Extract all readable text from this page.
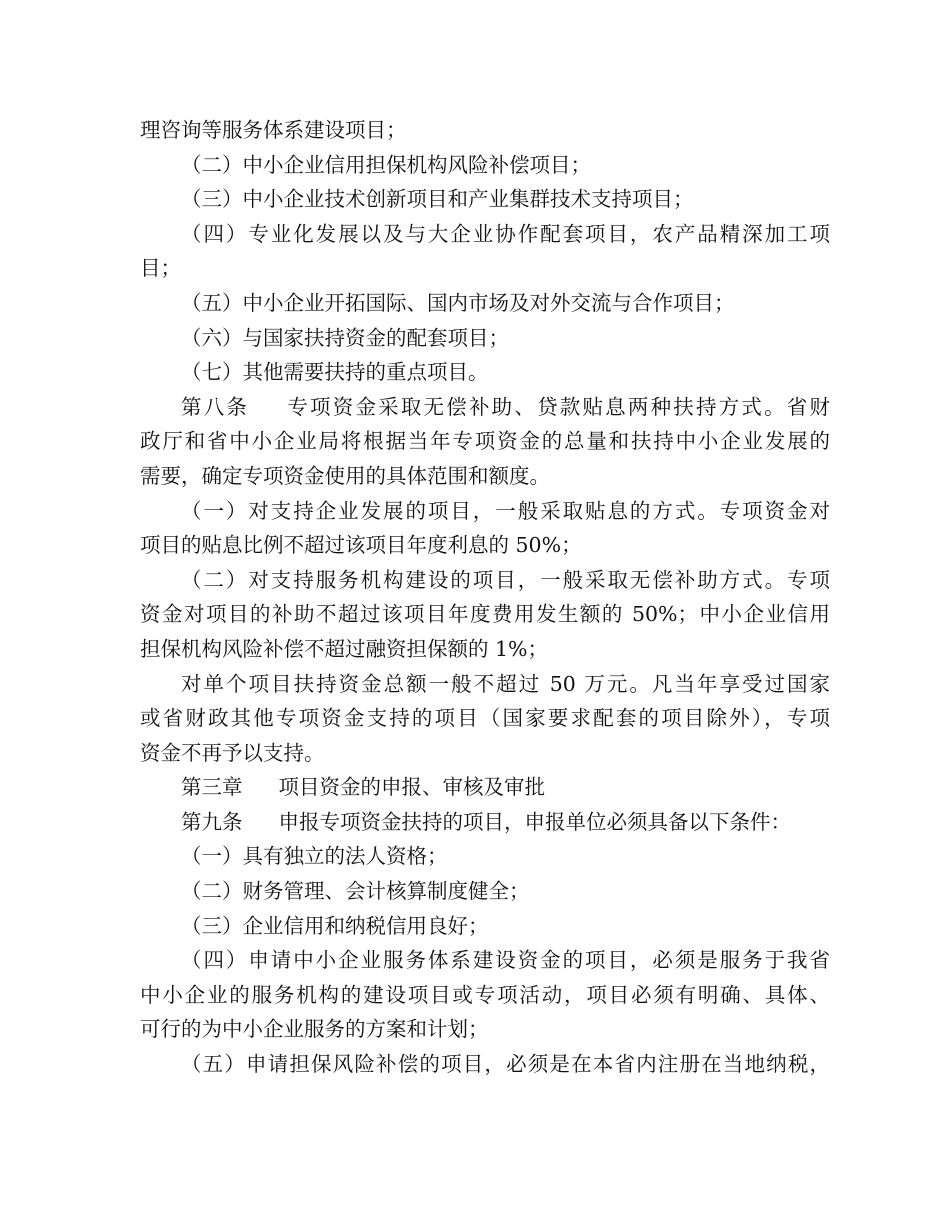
理咨询等服务体系建设项目；
（二）中小企业信用担保机构风险补偿项目；
（三）中小企业技术创新项目和产业集群技术支持项目；
（四）专业化发展以及与大企业协作配套项目，农产品精深加工项
目；
（五）中小企业开拓国际、国内市场及对外交流与合作项目；
（六）与国家扶持资金的配套项目；
（七）其他需要扶持的重点项目。
第八条 专项资金采取无偿补助、贷款贴息两种扶持方式。省财
政厅和省中小企业局将根据当年专项资金的总量和扶持中小企业发展的
需要，确定专项资金使用的具体范围和额度。
（一）对支持企业发展的项目，一般采取贴息的方式。专项资金对
项目的贴息比例不超过该项目年度利息的 50%；
（二）对支持服务机构建设的项目，一般采取无偿补助方式。专项
资金对项目的补助不超过该项目年度费用发生额的 50%；中小企业信用
担保机构风险补偿不超过融资担保额的 1%；
对单个项目扶持资金总额一般不超过 50 万元。凡当年享受过国家
或省财政其他专项资金支持的项目（国家要求配套的项目除外），专项
资金不再予以支持。
第三章 项目资金的申报、审核及审批
第九条 申报专项资金扶持的项目，申报单位必须具备以下条件：
（一）具有独立的法人资格；
（二）财务管理、会计核算制度健全；
（三）企业信用和纳税信用良好；
（四）申请中小企业服务体系建设资金的项目，必须是服务于我省
中小企业的服务机构的建设项目或专项活动，项目必须有明确、具体、
可行的为中小企业服务的方案和计划；
（五）申请担保风险补偿的项目，必须是在本省内注册在当地纳税，
